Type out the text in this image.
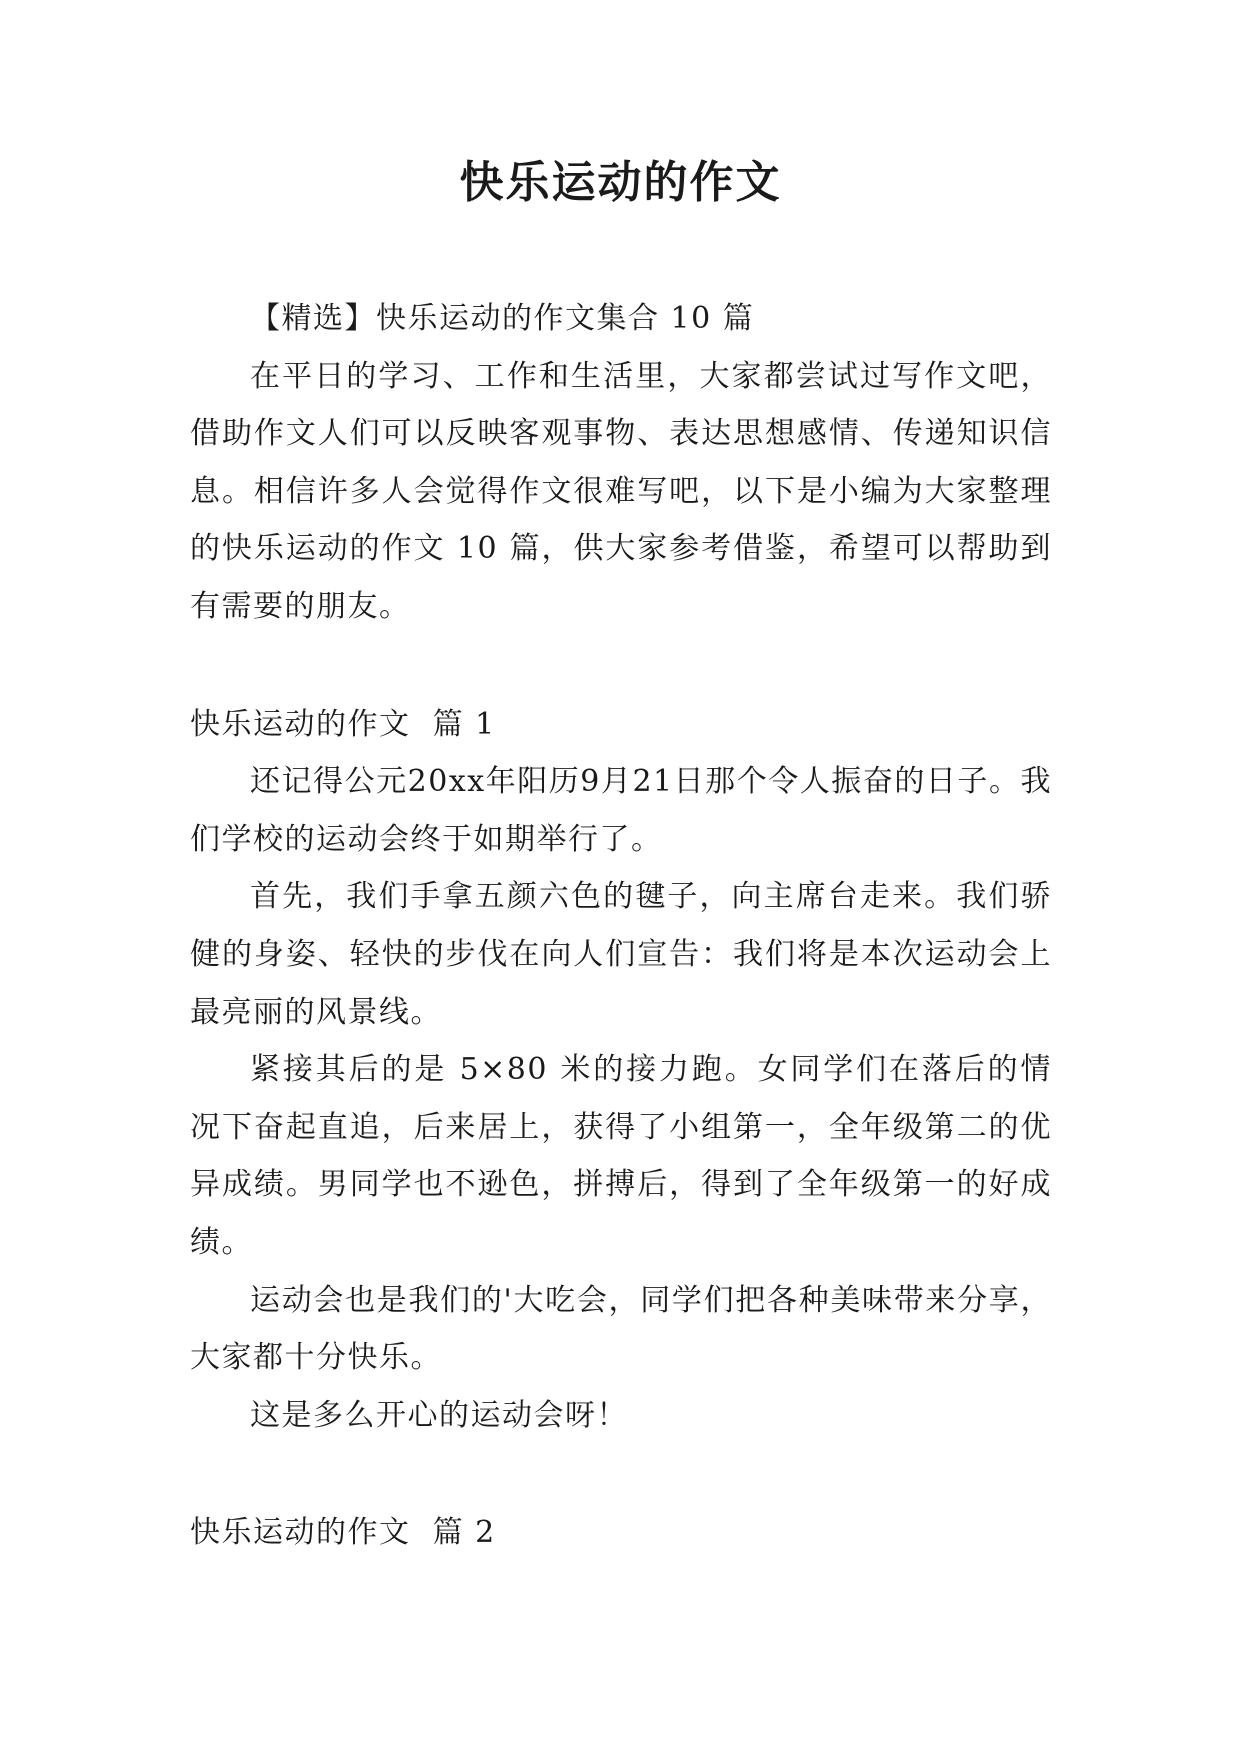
快乐运动的作文

【精选】快乐运动的作文集合 10 篇

在平日的学习、工作和生活里，大家都尝试过写作文吧，借助作文人们可以反映客观事物、表达思想感情、传递知识信息。相信许多人会觉得作文很难写吧，以下是小编为大家整理的快乐运动的作文 10 篇，供大家参考借鉴，希望可以帮助到有需要的朋友。

快乐运动的作文  篇 1

还记得公元20xx年阳历9月21日那个令人振奋的日子。我们学校的运动会终于如期举行了。

首先，我们手拿五颜六色的毽子，向主席台走来。我们骄健的身姿、轻快的步伐在向人们宣告：我们将是本次运动会上最亮丽的风景线。

紧接其后的是 5×80 米的接力跑。女同学们在落后的情况下奋起直追，后来居上，获得了小组第一，全年级第二的优异成绩。男同学也不逊色，拼搏后，得到了全年级第一的好成绩。

运动会也是我们的'大吃会，同学们把各种美味带来分享，大家都十分快乐。

这是多么开心的运动会呀！

快乐运动的作文  篇 2
